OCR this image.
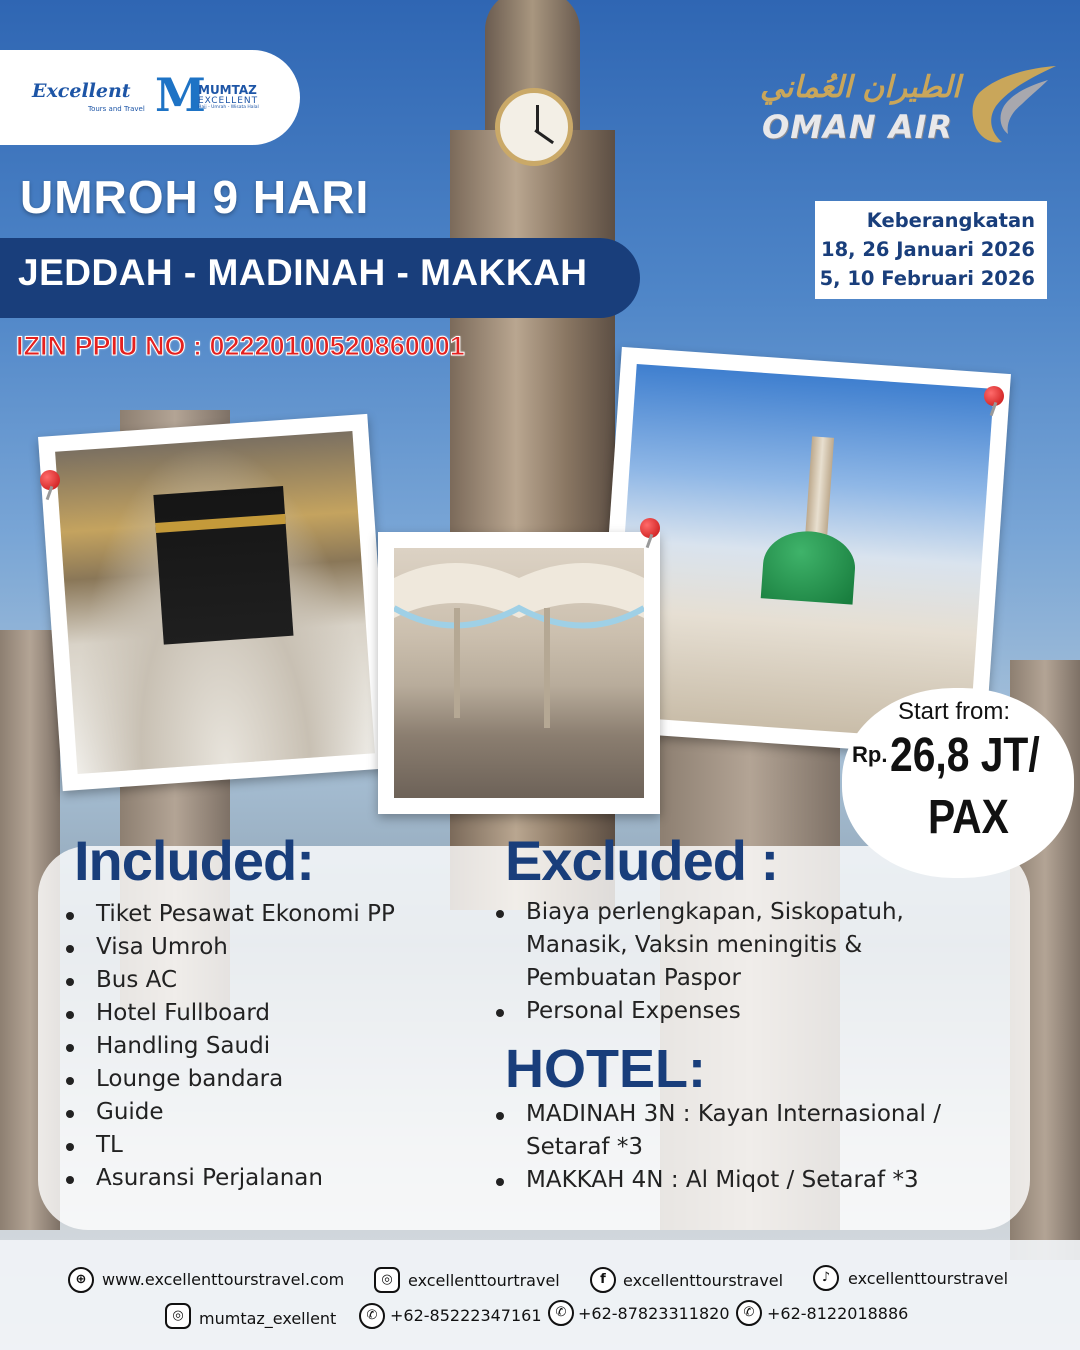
Excellent
Tours and Travel M
MUMTAZ
EXCELLENT
Hajj - Umrah - Wisata Halal
الطيران العُماني
OMAN AIR
UMROH 9 HARI
JEDDAH - MADINAH - MAKKAH
IZIN PPIU NO : 02220100520860001
Keberangkatan
18, 26 Januari 2026
5, 10 Februari 2026
Start from:
Rp. 26,8 JT/
PAX
Included:
Tiket Pesawat Ekonomi PP
Visa Umroh
Bus AC
Hotel Fullboard
Handling Saudi
Lounge bandara
Guide
TL
Asuransi Perjalanan
Excluded :
Biaya perlengkapan, Siskopatuh, Manasik, Vaksin meningitis & Pembuatan Paspor
Personal Expenses
HOTEL:
MADINAH 3N : Kayan Internasional / Setaraf *3
MAKKAH 4N : Al Miqot / Setaraf *3
⊕ www.excellenttourstravel.com	◎ excellenttourtravel	f	excellenttourstravel	♪	excellenttourstravel
◎ mumtaz_exellent	✆ +62-85222347161	✆ +62-87823311820	✆ +62-8122018886
